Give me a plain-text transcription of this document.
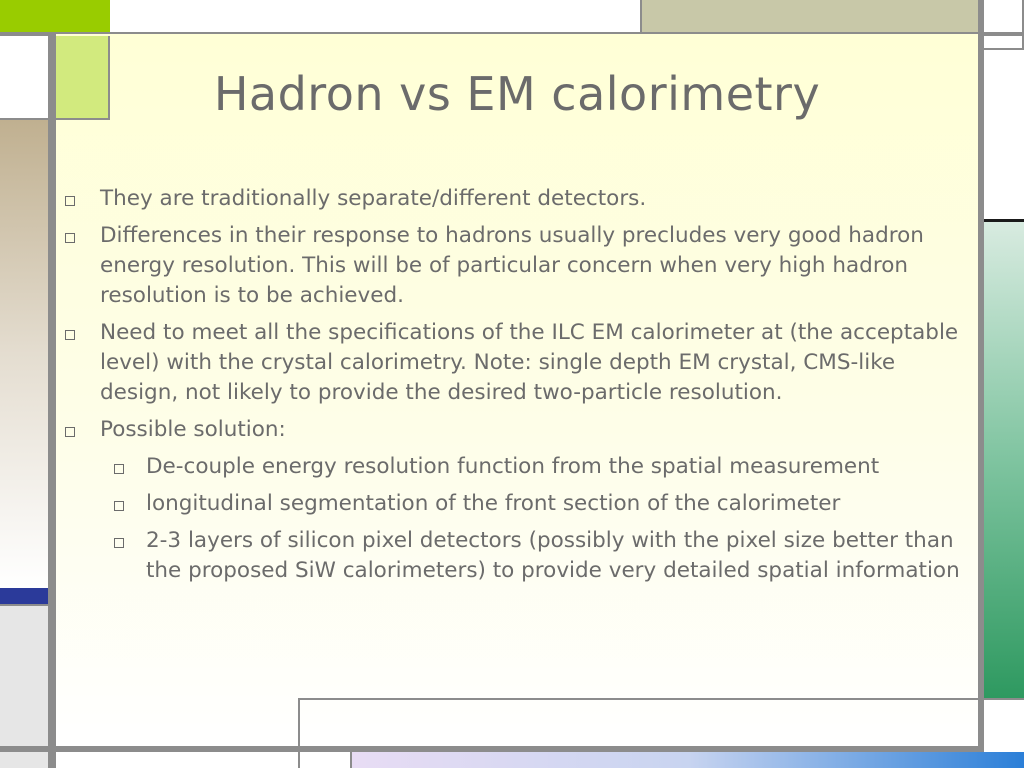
Hadron vs EM calorimetry
They are traditionally separate/different detectors.
Differences in their response to hadrons usually precludes very good hadron energy resolution. This will be of particular concern when very high hadron resolution is to be achieved.
Need to meet all the specifications of the ILC EM calorimeter at (the acceptable level) with the crystal calorimetry. Note: single depth EM crystal, CMS-like design, not likely to provide the desired two-particle resolution.
Possible solution:
De-couple energy resolution function from the spatial measurement
longitudinal segmentation of the front section of the calorimeter
2-3 layers of silicon pixel detectors (possibly with the pixel size better than the proposed SiW calorimeters) to provide very detailed spatial information
